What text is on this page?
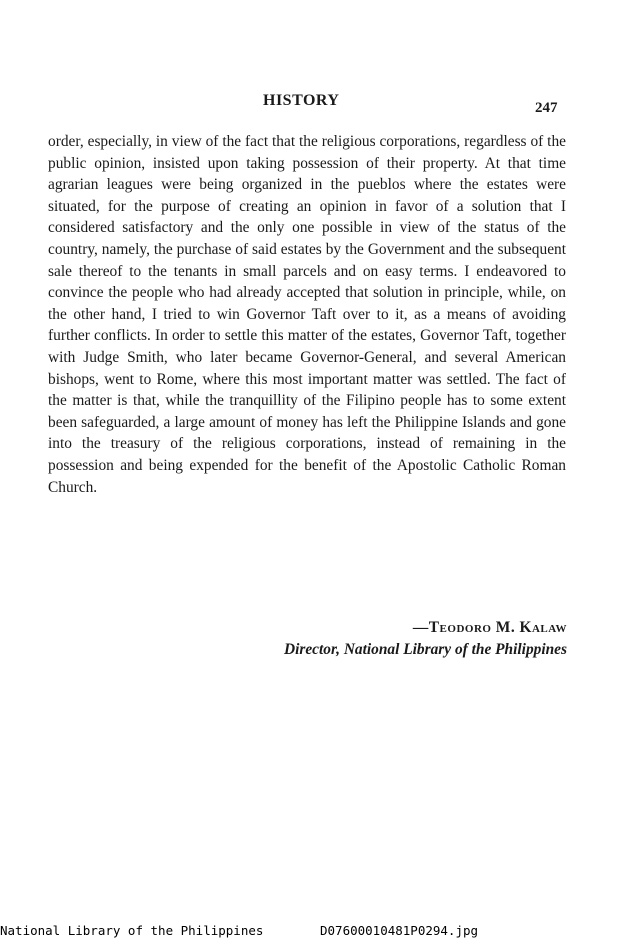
HISTORY	247

order, especially, in view of the fact that the religious corporations, regardless of the public opinion, insisted upon taking possession of their property. At that time agrarian leagues were being organized in the pueblos where the estates were situated, for the purpose of creating an opinion in favor of a solution that I considered satisfactory and the only one possible in view of the status of the country, namely, the purchase of said estates by the Government and the subsequent sale thereof to the tenants in small parcels and on easy terms. I endeavored to convince the people who had already accepted that solution in principle, while, on the other hand, I tried to win Governor Taft over to it, as a means of avoiding further conflicts. In order to settle this matter of the estates, Governor Taft, together with Judge Smith, who later became Governor-General, and several American bishops, went to Rome, where this most important matter was settled. The fact of the matter is that, while the tranquillity of the Filipino people has to some extent been safeguarded, a large amount of money has left the Philippine Islands and gone into the treasury of the religious corporations, instead of remaining in the possession and being expended for the benefit of the Apostolic Catholic Roman Church.

—Teodoro M. Kalaw
Director, National Library of the Philippines
National Library of the Philippines	D07600010481P0294.jpg
